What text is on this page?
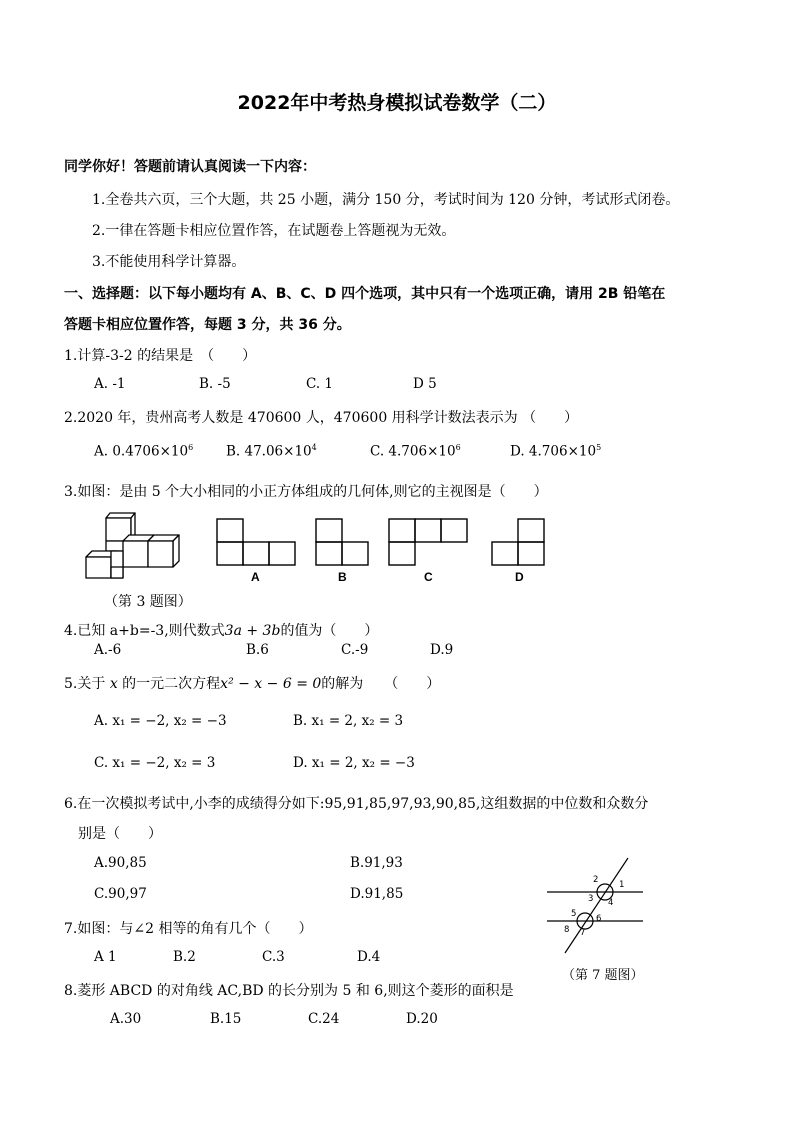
2022年中考热身模拟试卷数学（二）
同学你好！答题前请认真阅读一下内容：
1.全卷共六页，三个大题，共 25 小题，满分 150 分，考试时间为 120 分钟，考试形式闭卷。
2.一律在答题卡相应位置作答，在试题卷上答题视为无效。
3.不能使用科学计算器。
一、选择题：以下每小题均有 A、B、C、D 四个选项，其中只有一个选项正确，请用 2B 铅笔在
答题卡相应位置作答，每题 3 分，共 36 分。
1.计算-3-2 的结果是　（　　）
A. -1	B. -5	C. 1	D 5
2.2020 年，贵州高考人数是 470600 人，470600 用科学计数法表示为 （　　）
A. $0.4706\times 10^6$ B. $47.06\times 10^4$	C. $4.706\times 10^6$	D. $4.706\times 10^5$
3.如图：是由 5 个大小相同的小正方体组成的几何体,则它的主视图是（　　）
（第 3 题图）
A	B	C	D
4.已知 a+b=-3,则代数式3a + 3b的值为（　　）
A.-6	B.6	C.-9	D.9
5.关于 x 的一元二次方程x² − x − 6 = 0的解为　　（　　）
A. x₁ = −2, x₂ = −3	B. x₁ = 2, x₂ = 3
C. x₁ = −2, x₂ = 3	D. x₁ = 2, x₂ = −3
6.在一次模拟考试中,小李的成绩得分如下:95,91,85,97,93,90,85,这组数据的中位数和众数分
别是（　　）
A.90,85	B.91,93
C.90,97	D.91,85
1
2
3 4
5 6
7
8
（第 7 题图）
7.如图：与∠2 相等的角有几个（　　）
A 1	B.2	C.3	D.4
8.菱形 ABCD 的对角线 AC,BD 的长分别为 5 和 6,则这个菱形的面积是
A.30	B.15	C.24	D.20
